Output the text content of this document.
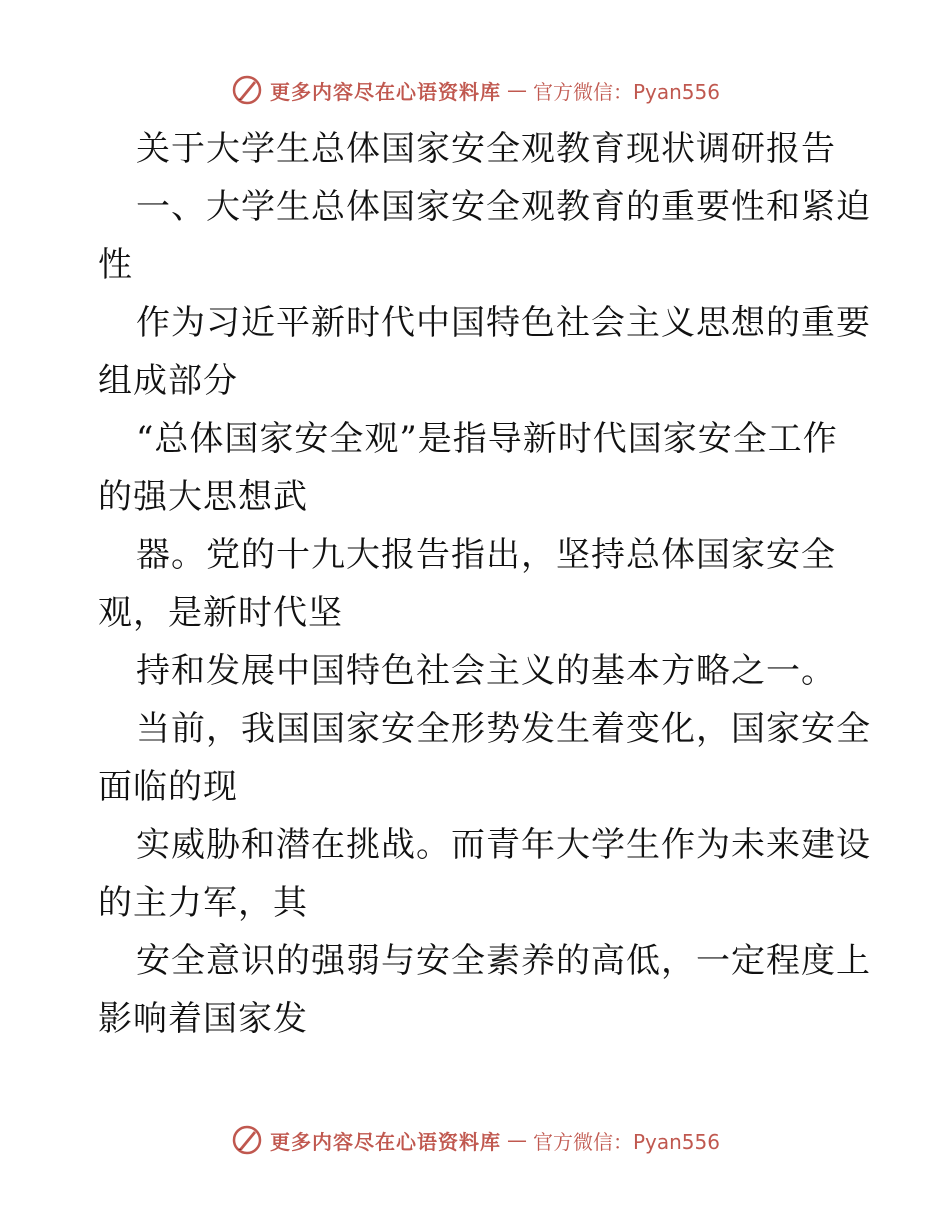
更多内容尽在心语资料库 — 官方微信：Pyan556
关于大学生总体国家安全观教育现状调研报告
一、大学生总体国家安全观教育的重要性和紧迫
性
作为习近平新时代中国特色社会主义思想的重要
组成部分
“总体国家安全观”是指导新时代国家安全工作
的强大思想武
器。党的十九大报告指出，坚持总体国家安全
观，是新时代坚
持和发展中国特色社会主义的基本方略之一。
当前，我国国家安全形势发生着变化，国家安全
面临的现
实威胁和潜在挑战。而青年大学生作为未来建设
的主力军，其
安全意识的强弱与安全素养的高低，一定程度上
影响着国家发
更多内容尽在心语资料库 — 官方微信：Pyan556
